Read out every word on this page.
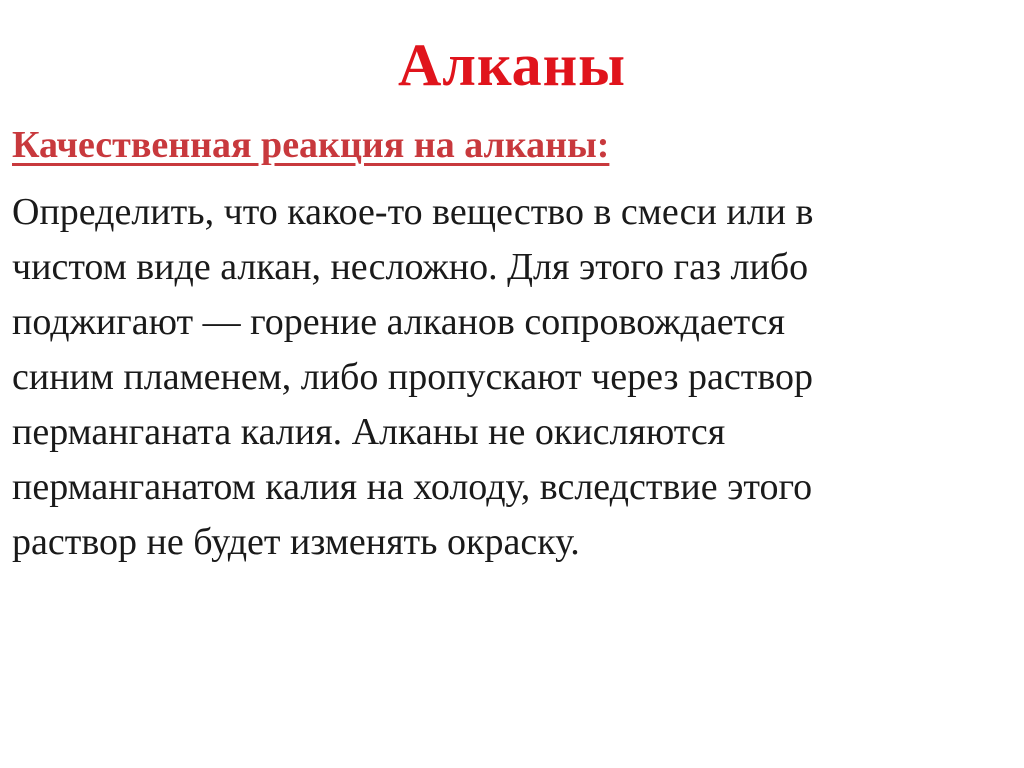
Алканы
Качественная реакция на алканы:

Определить, что какое-то вещество в смеси или в
чистом виде алкан, несложно. Для этого газ либо
поджигают — горение алканов сопровождается
синим пламенем, либо пропускают через раствор
перманганата калия. Алканы не окисляются
перманганатом калия на холоду, вследствие этого
раствор не будет изменять окраску.
